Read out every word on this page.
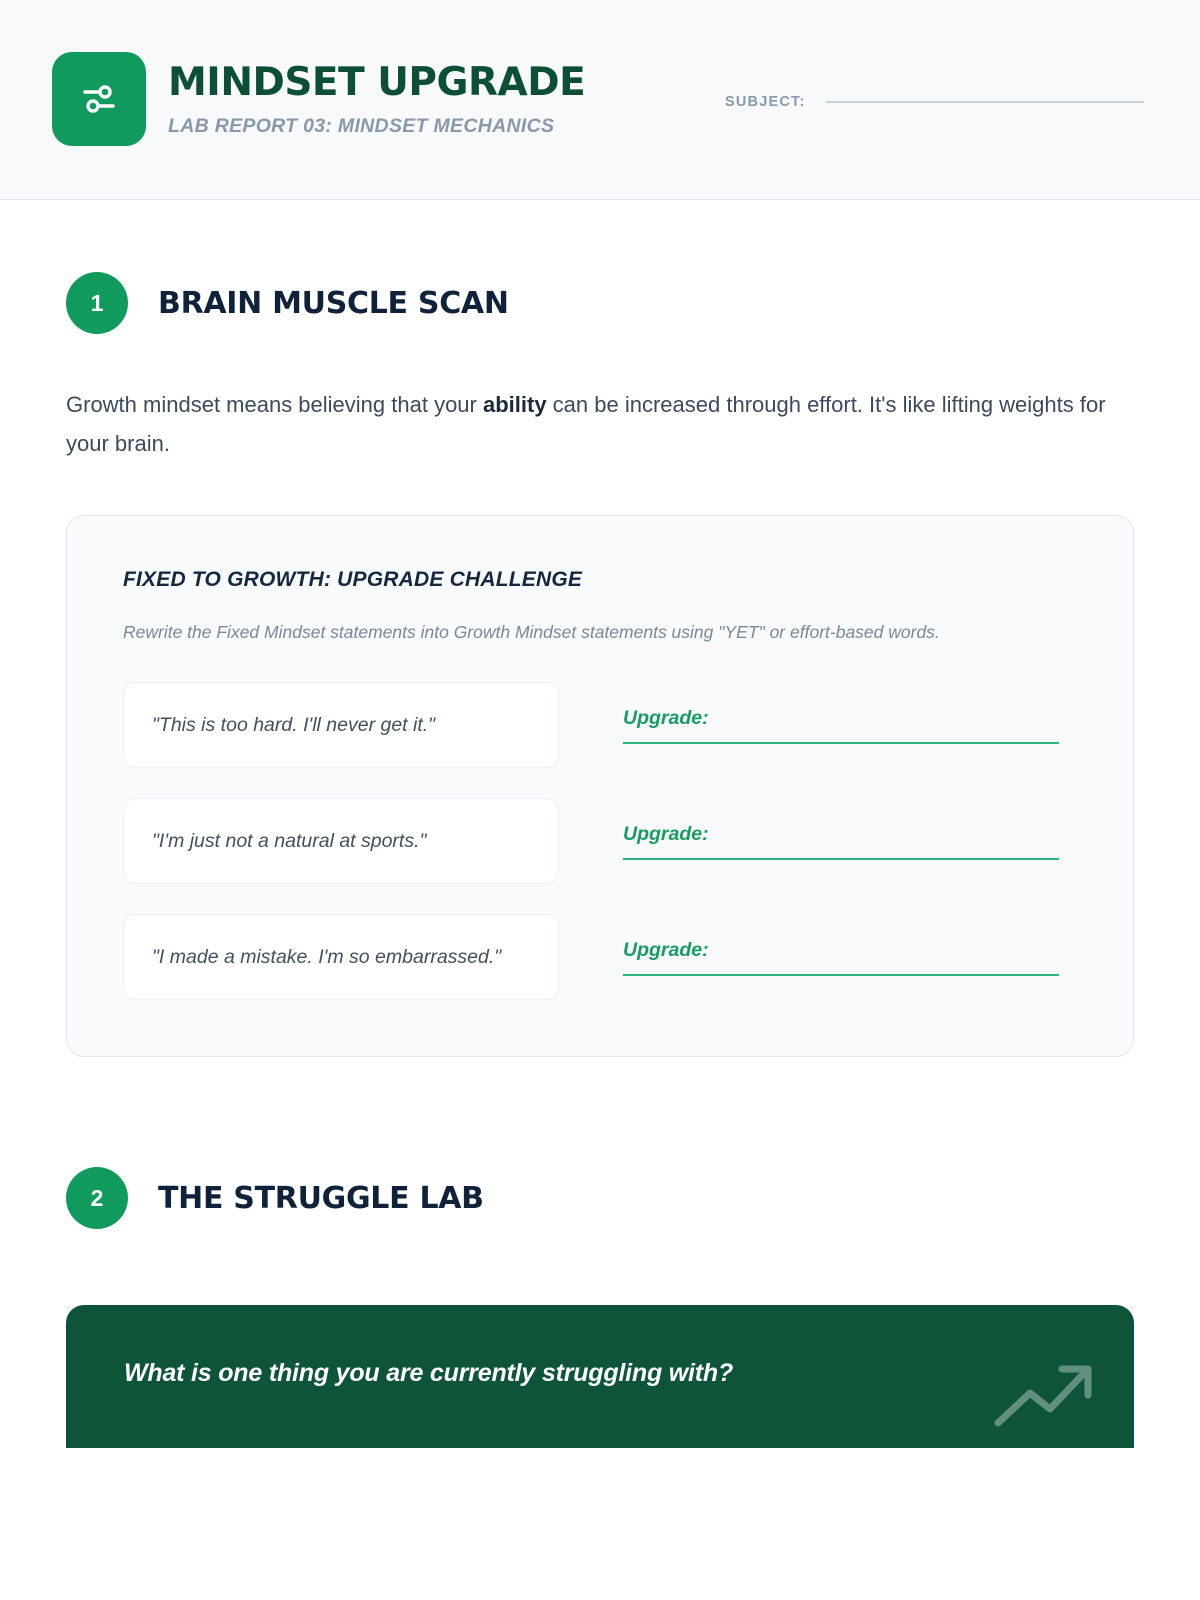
MINDSET UPGRADE
LAB REPORT 03: MINDSET MECHANICS
SUBJECT:
1	BRAIN MUSCLE SCAN

Growth mindset means believing that your ability can be increased through effort. It's like lifting weights for your brain.

FIXED TO GROWTH: UPGRADE CHALLENGE
Rewrite the Fixed Mindset statements into Growth Mindset statements using "YET" or effort-based words.
"This is too hard. I'll never get it."	Upgrade:
"I'm just not a natural at sports."	Upgrade:
"I made a mistake. I'm so embarrassed."	Upgrade:
2	THE STRUGGLE LAB
What is one thing you are currently struggling with?
